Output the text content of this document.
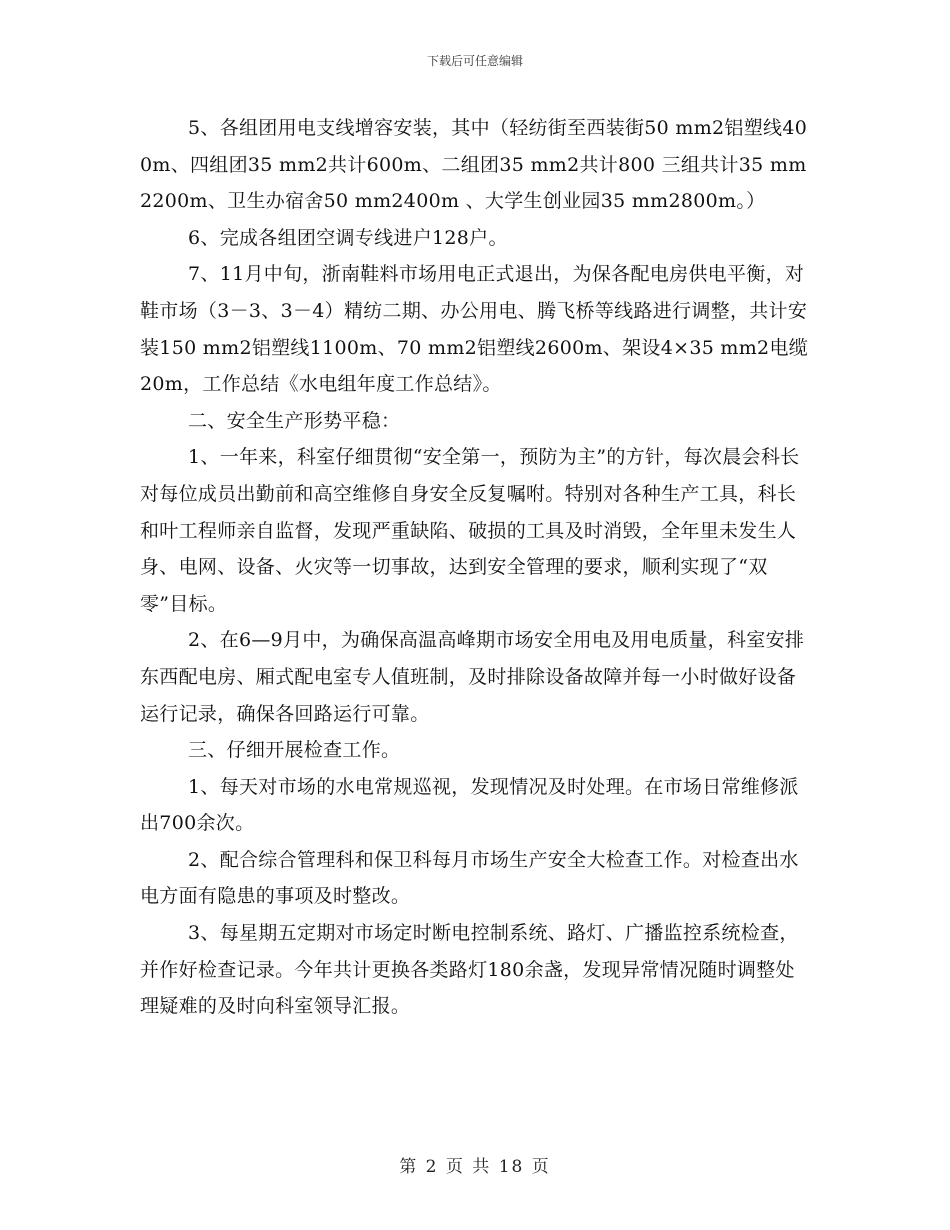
下载后可任意编辑

5、各组团用电支线增容安装，其中（轻纺街至西装街50 mm2铝塑线400m、四组团35 mm2共计600m、二组团35 mm2共计800 三组共计35 mm2200m、卫生办宿舍50 mm2400m 、大学生创业园35 mm2800m。）

6、完成各组团空调专线进户128户。

7、11月中旬，浙南鞋料市场用电正式退出，为保各配电房供电平衡，对鞋市场（3－3、3－4）精纺二期、办公用电、腾飞桥等线路进行调整，共计安装150 mm2铝塑线1100m、70 mm2铝塑线2600m、架设4×35 mm2电缆20m，工作总结《水电组年度工作总结》。

二、安全生产形势平稳：

1、一年来，科室仔细贯彻“安全第一，预防为主”的方针，每次晨会科长对每位成员出勤前和高空维修自身安全反复嘱咐。特别对各种生产工具，科长和叶工程师亲自监督，发现严重缺陷、破损的工具及时消毁，全年里未发生人身、电网、设备、火灾等一切事故，达到安全管理的要求，顺利实现了“双零”目标。

2、在6—9月中，为确保高温高峰期市场安全用电及用电质量，科室安排东西配电房、厢式配电室专人值班制，及时排除设备故障并每一小时做好设备运行记录，确保各回路运行可靠。

三、仔细开展检查工作。

1、每天对市场的水电常规巡视，发现情况及时处理。在市场日常维修派出700余次。

2、配合综合管理科和保卫科每月市场生产安全大检查工作。对检查出水电方面有隐患的事项及时整改。

3、每星期五定期对市场定时断电控制系统、路灯、广播监控系统检查，并作好检查记录。今年共计更换各类路灯180余盏，发现异常情况随时调整处理疑难的及时向科室领导汇报。

第 2 页 共 18 页
